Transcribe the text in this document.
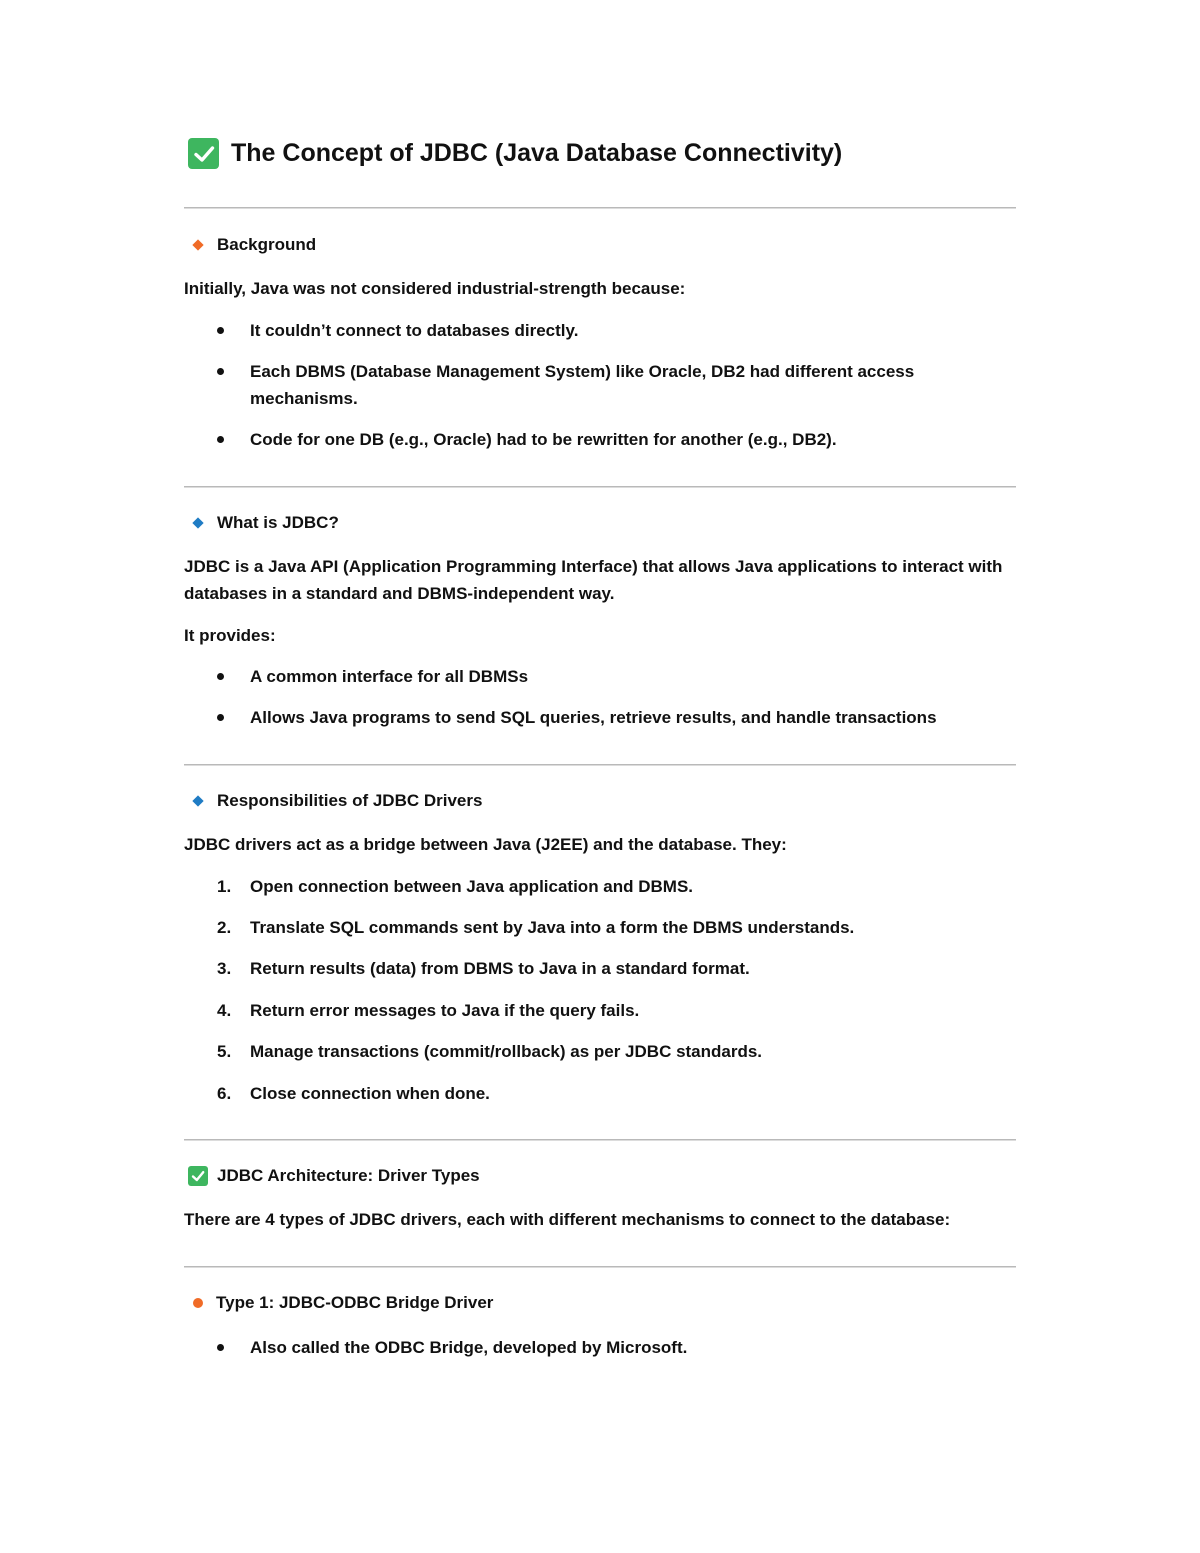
The Concept of JDBC (Java Database Connectivity)
Background
Initially, Java was not considered industrial-strength because:
It couldn’t connect to databases directly.
Each DBMS (Database Management System) like Oracle, DB2 had different access mechanisms.
Code for one DB (e.g., Oracle) had to be rewritten for another (e.g., DB2).
What is JDBC?
JDBC is a Java API (Application Programming Interface) that allows Java applications to interact with databases in a standard and DBMS-independent way.
It provides:
A common interface for all DBMSs
Allows Java programs to send SQL queries, retrieve results, and handle transactions
Responsibilities of JDBC Drivers
JDBC drivers act as a bridge between Java (J2EE) and the database. They:
1. Open connection between Java application and DBMS.
2. Translate SQL commands sent by Java into a form the DBMS understands.
3. Return results (data) from DBMS to Java in a standard format.
4. Return error messages to Java if the query fails.
5. Manage transactions (commit/rollback) as per JDBC standards.
6. Close connection when done.
JDBC Architecture: Driver Types
There are 4 types of JDBC drivers, each with different mechanisms to connect to the database:
Type 1: JDBC-ODBC Bridge Driver
Also called the ODBC Bridge, developed by Microsoft.
